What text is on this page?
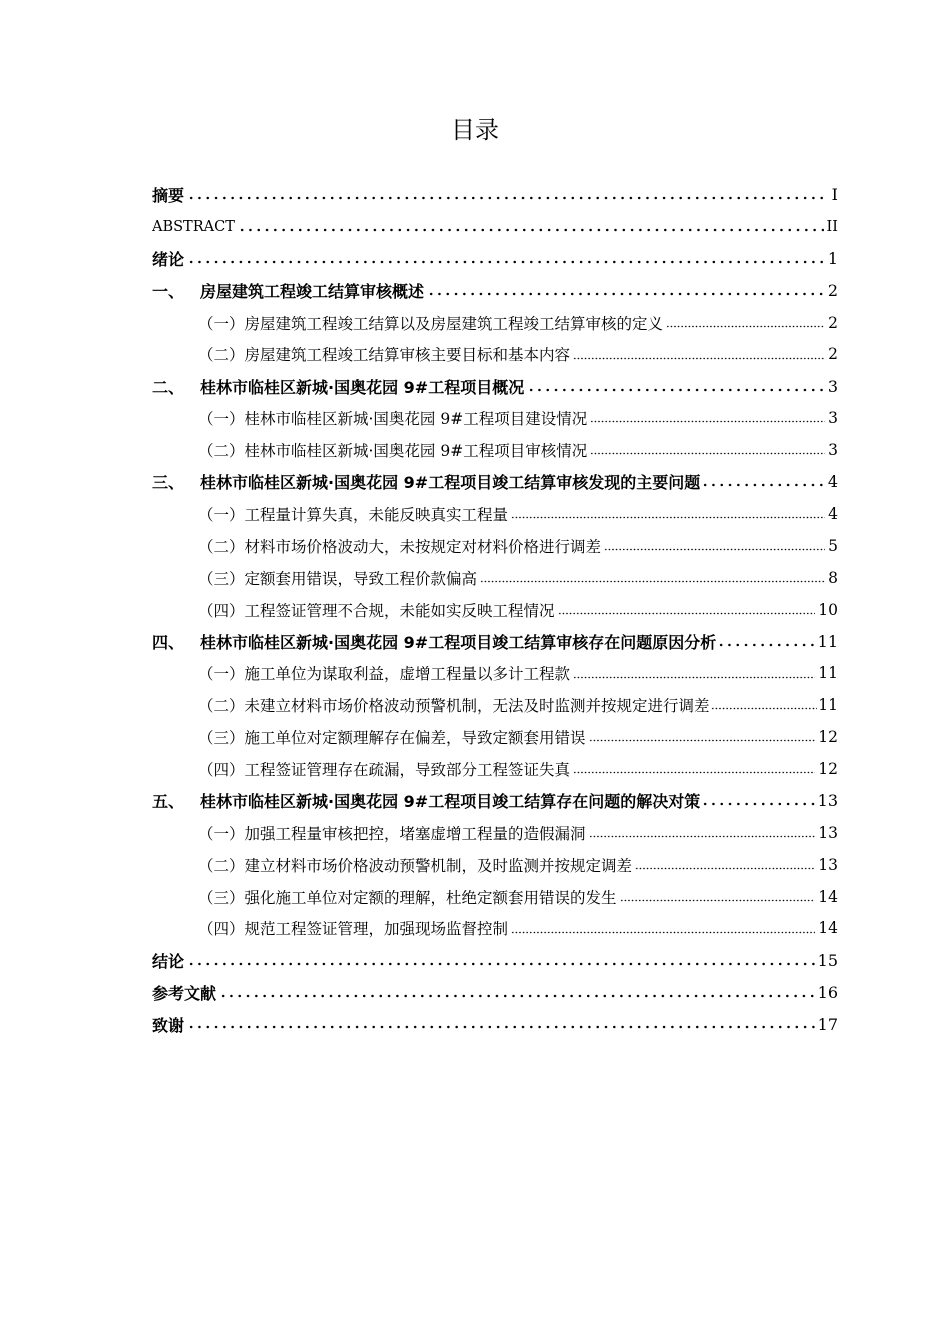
目录
摘要	I
ABSTRACT	II
绪论	1
一、 房屋建筑工程竣工结算审核概述	2
（一）房屋建筑工程竣工结算以及房屋建筑工程竣工结算审核的定义	2
（二）房屋建筑工程竣工结算审核主要目标和基本内容	2
二、 桂林市临桂区新城·国奥花园 9#工程项目概况	3
（一）桂林市临桂区新城·国奥花园 9#工程项目建设情况	3
（二）桂林市临桂区新城·国奥花园 9#工程项目审核情况	3
三、 桂林市临桂区新城·国奥花园 9#工程项目竣工结算审核发现的主要问题	4
（一）工程量计算失真，未能反映真实工程量	4
（二）材料市场价格波动大，未按规定对材料价格进行调差	5
（三）定额套用错误，导致工程价款偏高	8
（四）工程签证管理不合规，未能如实反映工程情况	10
四、 桂林市临桂区新城·国奥花园 9#工程项目竣工结算审核存在问题原因分析	11
（一）施工单位为谋取利益，虚增工程量以多计工程款	11
（二）未建立材料市场价格波动预警机制，无法及时监测并按规定进行调差	11
（三）施工单位对定额理解存在偏差，导致定额套用错误	12
（四）工程签证管理存在疏漏，导致部分工程签证失真	12
五、 桂林市临桂区新城·国奥花园 9#工程项目竣工结算存在问题的解决对策	13
（一）加强工程量审核把控，堵塞虚增工程量的造假漏洞	13
（二）建立材料市场价格波动预警机制，及时监测并按规定调差	13
（三）强化施工单位对定额的理解，杜绝定额套用错误的发生	14
（四）规范工程签证管理，加强现场监督控制	14
结论	15
参考文献	16
致谢	17
